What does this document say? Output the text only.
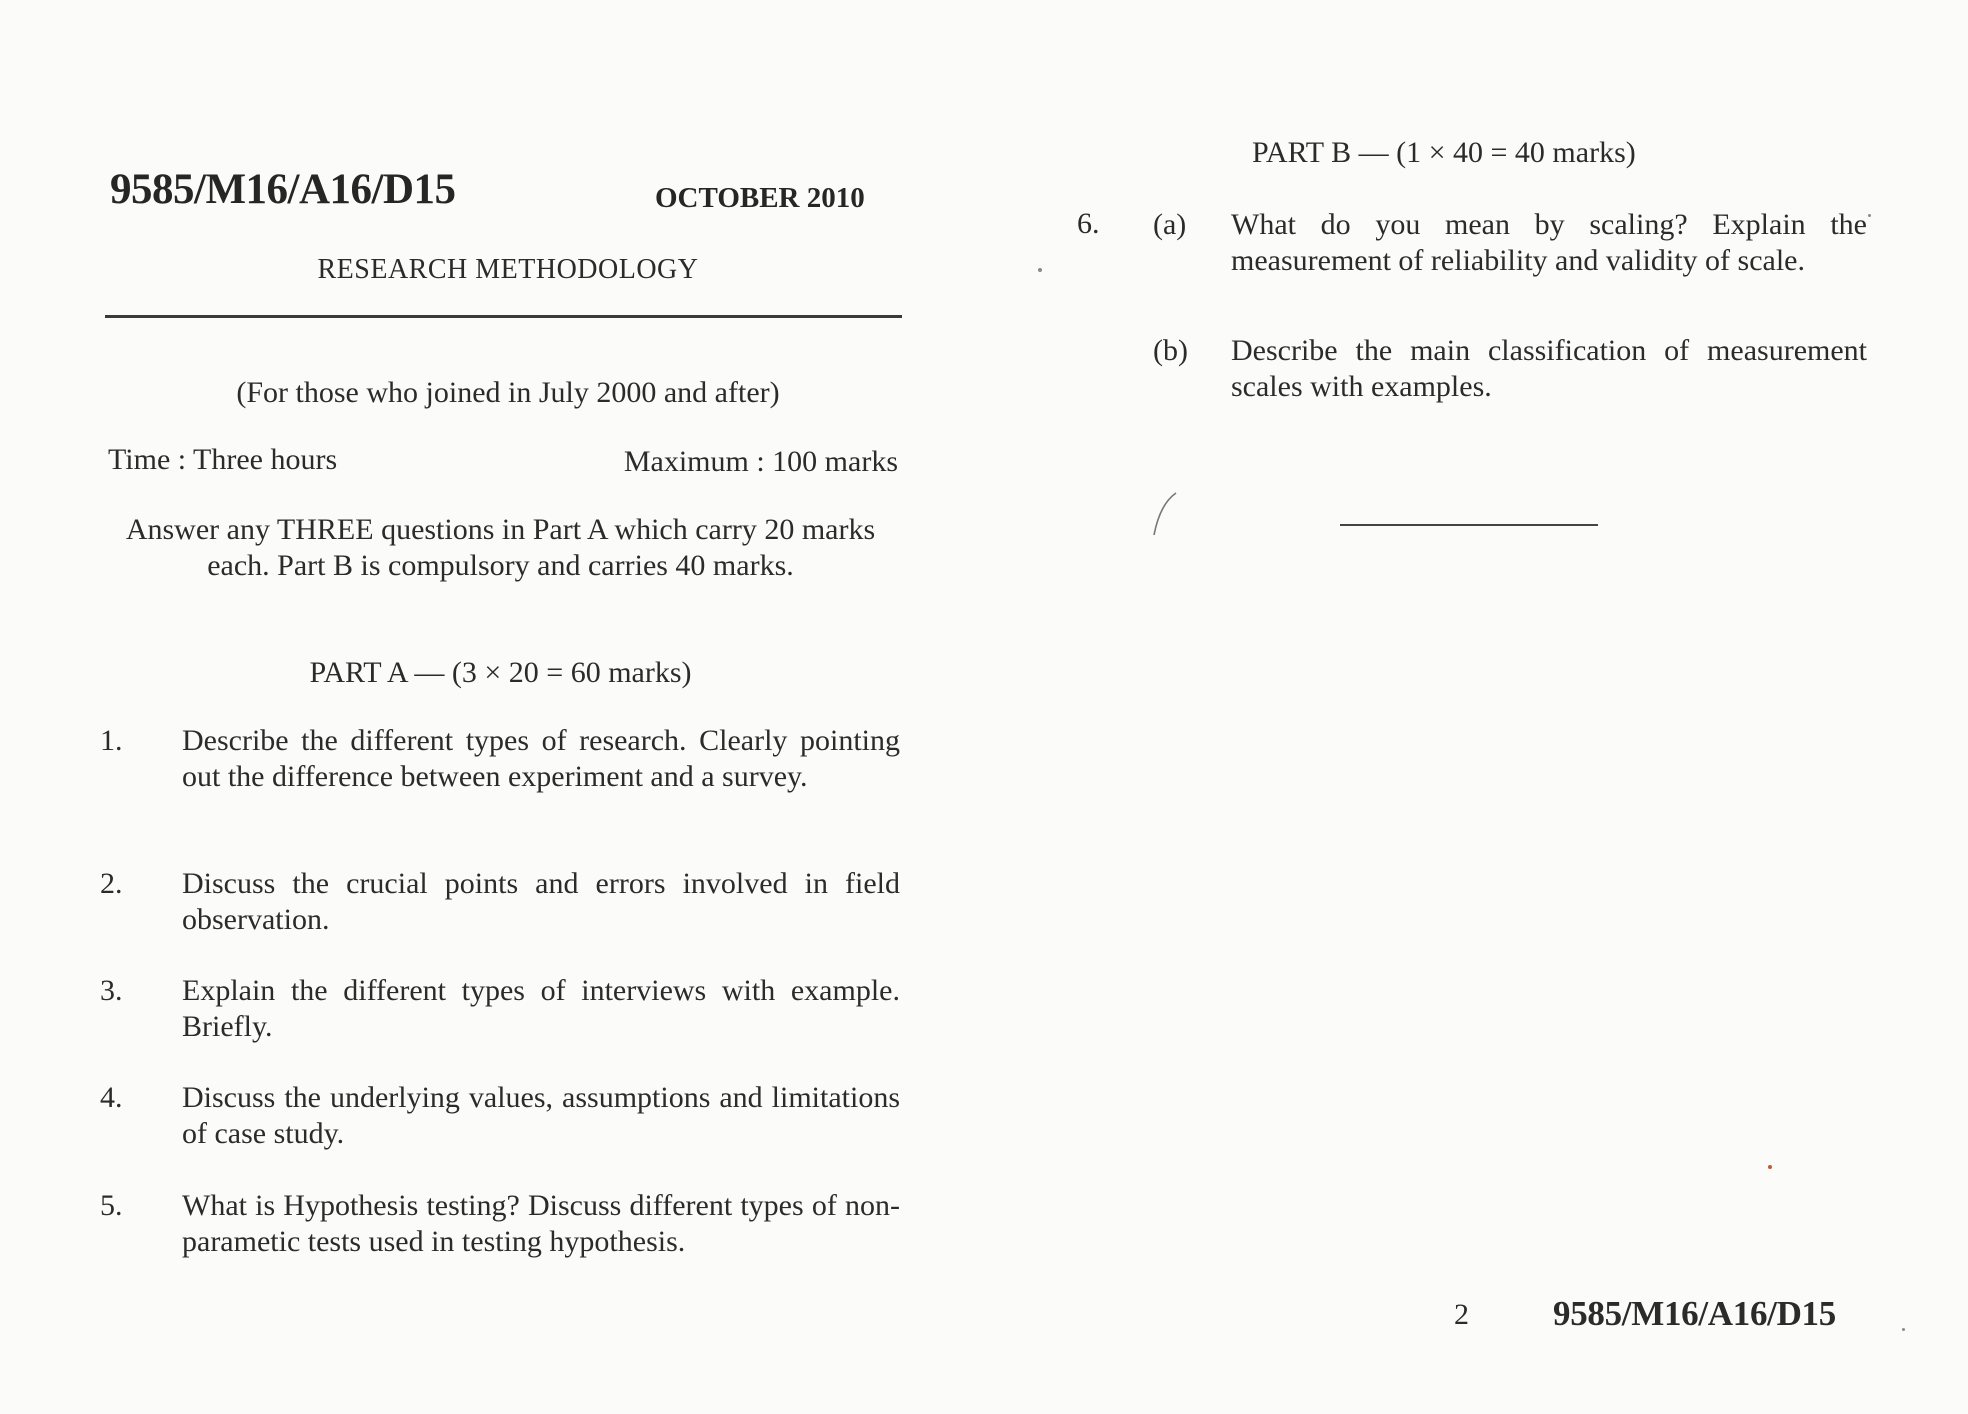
9585/M16/A16/D15	OCTOBER 2010
RESEARCH METHODOLOGY
(For those who joined in July 2000 and after)
Time : Three hours	Maximum : 100 marks
Answer any THREE questions in Part A which carry 20 marks each. Part B is compulsory and carries 40 marks.
PART A — (3 × 20 = 60 marks)
1. Describe the different types of research. Clearly pointing out the difference between experiment and a survey.
2. Discuss the crucial points and errors involved in field observation.
3. Explain the different types of interviews with example. Briefly.
4. Discuss the underlying values, assumptions and limitations of case study.
5. What is Hypothesis testing? Discuss different types of non-parametic tests used in testing hypothesis.
PART B — (1 × 40 = 40 marks)
6. (a) What do you mean by scaling? Explain the measurement of reliability and validity of scale.
(b) Describe the main classification of measurement scales with examples.
2 9585/M16/A16/D15
